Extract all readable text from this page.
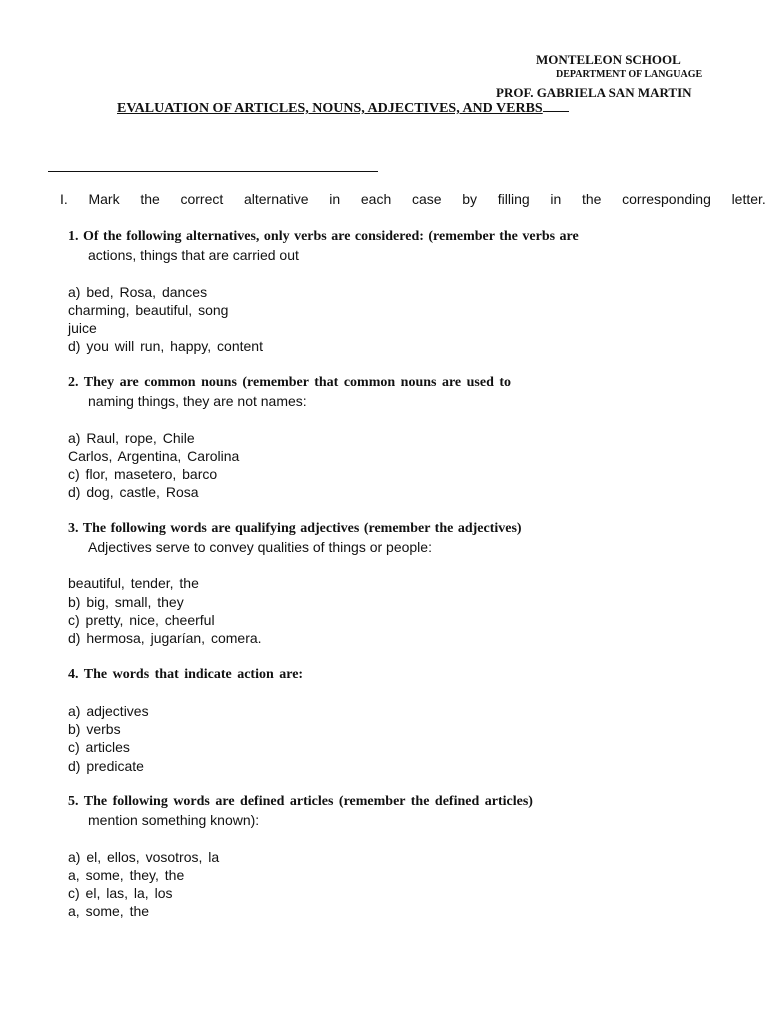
MONTELEON SCHOOL
DEPARTMENT OF LANGUAGE
PROF. GABRIELA SAN MARTIN
EVALUATION OF ARTICLES, NOUNS, ADJECTIVES, AND VERBS
I. Mark the correct alternative in each case by filling in the corresponding letter.
1. Of the following alternatives, only verbs are considered: (remember the verbs are
actions, things that are carried out
a) bed, Rosa, dances
charming, beautiful, song
juice
d) you will run, happy, content
2. They are common nouns (remember that common nouns are used to
naming things, they are not names:
a) Raul, rope, Chile
Carlos, Argentina, Carolina
c) flor, masetero, barco
d) dog, castle, Rosa
3. The following words are qualifying adjectives (remember the adjectives)
Adjectives serve to convey qualities of things or people:
beautiful, tender, the
b) big, small, they
c) pretty, nice, cheerful
d) hermosa, jugarían, comera.
4. The words that indicate action are:
a) adjectives
b) verbs
c) articles
d) predicate
5. The following words are defined articles (remember the defined articles)
mention something known):
a) el, ellos, vosotros, la
a, some, they, the
c) el, las, la, los
a, some, the
